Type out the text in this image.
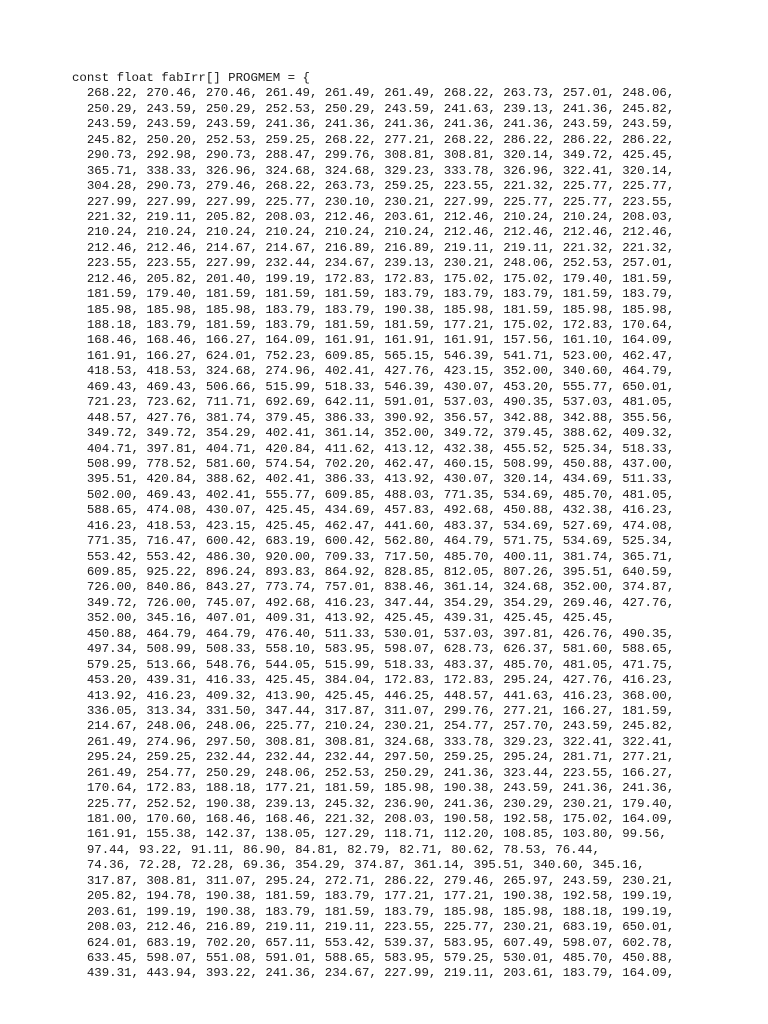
const float fabIrr[] PROGMEM = {
268.22, 270.46, 270.46, 261.49, 261.49, 261.49, 268.22, 263.73, 257.01, 248.06,
250.29, 243.59, 250.29, 252.53, 250.29, 243.59, 241.63, 239.13, 241.36, 245.82,
243.59, 243.59, 243.59, 241.36, 241.36, 241.36, 241.36, 241.36, 243.59, 243.59,
245.82, 250.20, 252.53, 259.25, 268.22, 277.21, 268.22, 286.22, 286.22, 286.22,
290.73, 292.98, 290.73, 288.47, 299.76, 308.81, 308.81, 320.14, 349.72, 425.45,
365.71, 338.33, 326.96, 324.68, 324.68, 329.23, 333.78, 326.96, 322.41, 320.14,
304.28, 290.73, 279.46, 268.22, 263.73, 259.25, 223.55, 221.32, 225.77, 225.77,
227.99, 227.99, 227.99, 225.77, 230.10, 230.21, 227.99, 225.77, 225.77, 223.55,
221.32, 219.11, 205.82, 208.03, 212.46, 203.61, 212.46, 210.24, 210.24, 208.03,
210.24, 210.24, 210.24, 210.24, 210.24, 210.24, 212.46, 212.46, 212.46, 212.46,
212.46, 212.46, 214.67, 214.67, 216.89, 216.89, 219.11, 219.11, 221.32, 221.32,
223.55, 223.55, 227.99, 232.44, 234.67, 239.13, 230.21, 248.06, 252.53, 257.01,
212.46, 205.82, 201.40, 199.19, 172.83, 172.83, 175.02, 175.02, 179.40, 181.59,
181.59, 179.40, 181.59, 181.59, 181.59, 183.79, 183.79, 183.79, 181.59, 183.79,
185.98, 185.98, 185.98, 183.79, 183.79, 190.38, 185.98, 181.59, 185.98, 185.98,
188.18, 183.79, 181.59, 183.79, 181.59, 181.59, 177.21, 175.02, 172.83, 170.64,
168.46, 168.46, 166.27, 164.09, 161.91, 161.91, 161.91, 157.56, 161.10, 164.09,
161.91, 166.27, 624.01, 752.23, 609.85, 565.15, 546.39, 541.71, 523.00, 462.47,
418.53, 418.53, 324.68, 274.96, 402.41, 427.76, 423.15, 352.00, 340.60, 464.79,
469.43, 469.43, 506.66, 515.99, 518.33, 546.39, 430.07, 453.20, 555.77, 650.01,
721.23, 723.62, 711.71, 692.69, 642.11, 591.01, 537.03, 490.35, 537.03, 481.05,
448.57, 427.76, 381.74, 379.45, 386.33, 390.92, 356.57, 342.88, 342.88, 355.56,
349.72, 349.72, 354.29, 402.41, 361.14, 352.00, 349.72, 379.45, 388.62, 409.32,
404.71, 397.81, 404.71, 420.84, 411.62, 413.12, 432.38, 455.52, 525.34, 518.33,
508.99, 778.52, 581.60, 574.54, 702.20, 462.47, 460.15, 508.99, 450.88, 437.00,
395.51, 420.84, 388.62, 402.41, 386.33, 413.92, 430.07, 320.14, 434.69, 511.33,
502.00, 469.43, 402.41, 555.77, 609.85, 488.03, 771.35, 534.69, 485.70, 481.05,
588.65, 474.08, 430.07, 425.45, 434.69, 457.83, 492.68, 450.88, 432.38, 416.23,
416.23, 418.53, 423.15, 425.45, 462.47, 441.60, 483.37, 534.69, 527.69, 474.08,
771.35, 716.47, 600.42, 683.19, 600.42, 562.80, 464.79, 571.75, 534.69, 525.34,
553.42, 553.42, 486.30, 920.00, 709.33, 717.50, 485.70, 400.11, 381.74, 365.71,
609.85, 925.22, 896.24, 893.83, 864.92, 828.85, 812.05, 807.26, 395.51, 640.59,
726.00, 840.86, 843.27, 773.74, 757.01, 838.46, 361.14, 324.68, 352.00, 374.87,
349.72, 726.00, 745.07, 492.68, 416.23, 347.44, 354.29, 354.29, 269.46, 427.76,
352.00, 345.16, 407.01, 409.31, 413.92, 425.45, 439.31, 425.45, 425.45,
450.88, 464.79, 464.79, 476.40, 511.33, 530.01, 537.03, 397.81, 426.76, 490.35,
497.34, 508.99, 508.33, 558.10, 583.95, 598.07, 628.73, 626.37, 581.60, 588.65,
579.25, 513.66, 548.76, 544.05, 515.99, 518.33, 483.37, 485.70, 481.05, 471.75,
453.20, 439.31, 416.33, 425.45, 384.04, 172.83, 172.83, 295.24, 427.76, 416.23,
413.92, 416.23, 409.32, 413.90, 425.45, 446.25, 448.57, 441.63, 416.23, 368.00,
336.05, 313.34, 331.50, 347.44, 317.87, 311.07, 299.76, 277.21, 166.27, 181.59,
214.67, 248.06, 248.06, 225.77, 210.24, 230.21, 254.77, 257.70, 243.59, 245.82,
261.49, 274.96, 297.50, 308.81, 308.81, 324.68, 333.78, 329.23, 322.41, 322.41,
295.24, 259.25, 232.44, 232.44, 232.44, 297.50, 259.25, 295.24, 281.71, 277.21,
261.49, 254.77, 250.29, 248.06, 252.53, 250.29, 241.36, 323.44, 223.55, 166.27,
170.64, 172.83, 188.18, 177.21, 181.59, 185.98, 190.38, 243.59, 241.36, 241.36,
225.77, 252.52, 190.38, 239.13, 245.32, 236.90, 241.36, 230.29, 230.21, 179.40,
181.00, 170.60, 168.46, 168.46, 221.32, 208.03, 190.58, 192.58, 175.02, 164.09,
161.91, 155.38, 142.37, 138.05, 127.29, 118.71, 112.20, 108.85, 103.80, 99.56,
97.44, 93.22, 91.11, 86.90, 84.81, 82.79, 82.71, 80.62, 78.53, 76.44,
74.36, 72.28, 72.28, 69.36, 354.29, 374.87, 361.14, 395.51, 340.60, 345.16,
317.87, 308.81, 311.07, 295.24, 272.71, 286.22, 279.46, 265.97, 243.59, 230.21,
205.82, 194.78, 190.38, 181.59, 183.79, 177.21, 177.21, 190.38, 192.58, 199.19,
203.61, 199.19, 190.38, 183.79, 181.59, 183.79, 185.98, 185.98, 188.18, 199.19,
208.03, 212.46, 216.89, 219.11, 219.11, 223.55, 225.77, 230.21, 683.19, 650.01,
624.01, 683.19, 702.20, 657.11, 553.42, 539.37, 583.95, 607.49, 598.07, 602.78,
633.45, 598.07, 551.08, 591.01, 588.65, 583.95, 579.25, 530.01, 485.70, 450.88,
439.31, 443.94, 393.22, 241.36, 234.67, 227.99, 219.11, 203.61, 183.79, 164.09,
